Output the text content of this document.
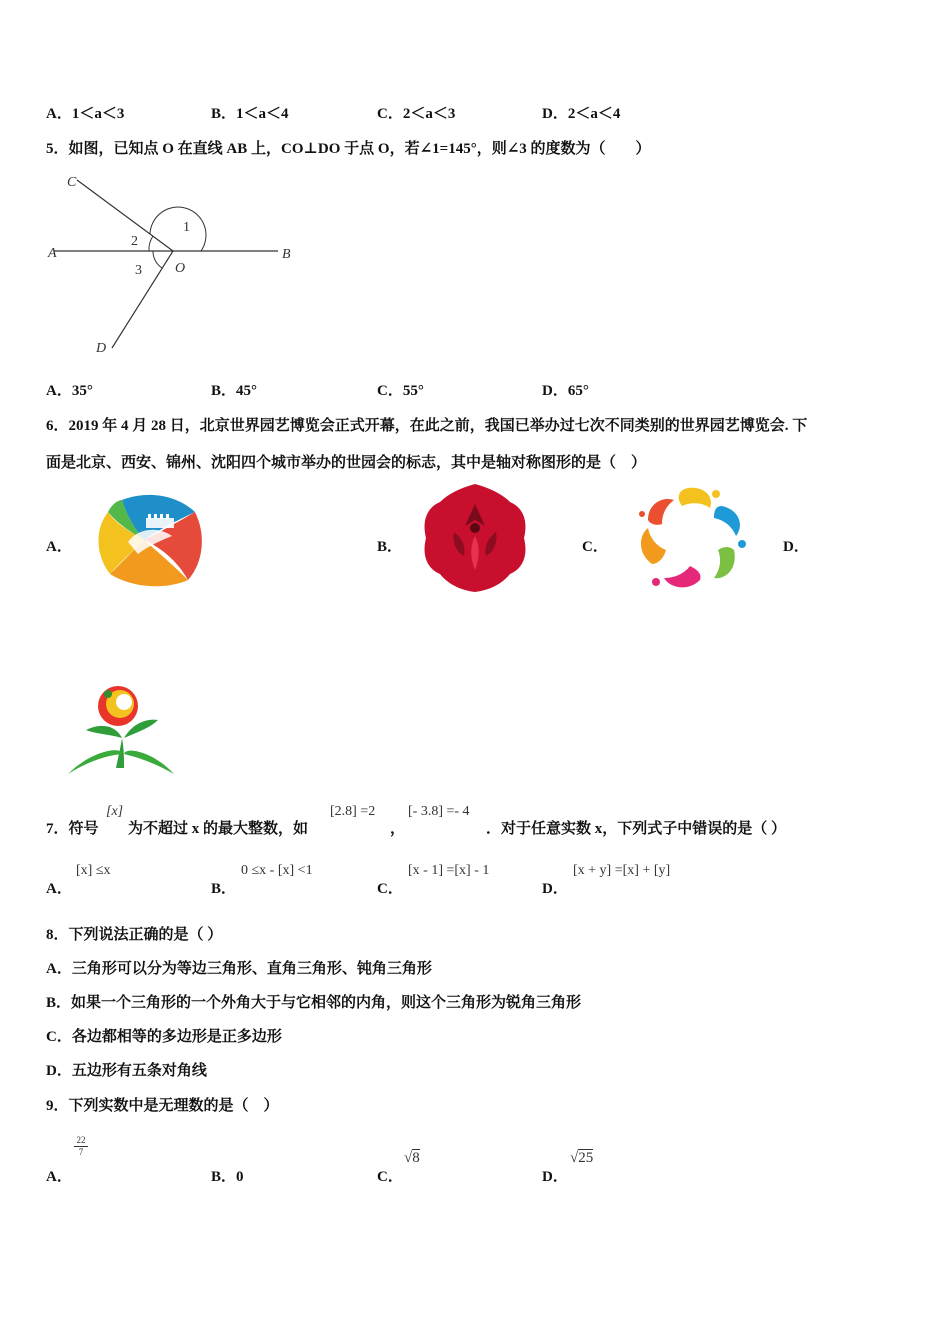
A．1＜a＜3	B．1＜a＜4	C．2＜a＜3	D．2＜a＜4
5．如图，已知点 O 在直线 AB 上，CO⊥DO 于点 O，若∠1=145°，则∠3 的度数为（　　）
C
A	B
D
O
1
2
3
A．35°	B．45°	C．55°	D．65°
6．2019 年 4 月 28 日，北京世界园艺博览会正式开幕，在此之前，我国已举办过七次不同类别的世界园艺博览会. 下
面是北京、西安、锦州、沈阳四个城市举办的世园会的标志，其中是轴对称图形的是（　）
A．	B．	C．	D．
7．符号
[x]
为不超过 x 的最大整数，如
[2.8] =2
，
[- 3.8] =- 4
．对于任意实数 x，下列式子中错误的是（ ）
A．
[x] ≤x
B．
0 ≤x - [x] <1
C．
[x - 1] =[x] - 1
D．
[x + y] =[x] + [y]
8．下列说法正确的是（ ）
A．三角形可以分为等边三角形、直角三角形、钝角三角形
B．如果一个三角形的一个外角大于与它相邻的内角，则这个三角形为锐角三角形
C．各边都相等的多边形是正多边形
D．五边形有五条对角线
9．下列实数中是无理数的是（　）
A．
$\frac{22}{7}$
B．0	C．
√8
D．
√25
